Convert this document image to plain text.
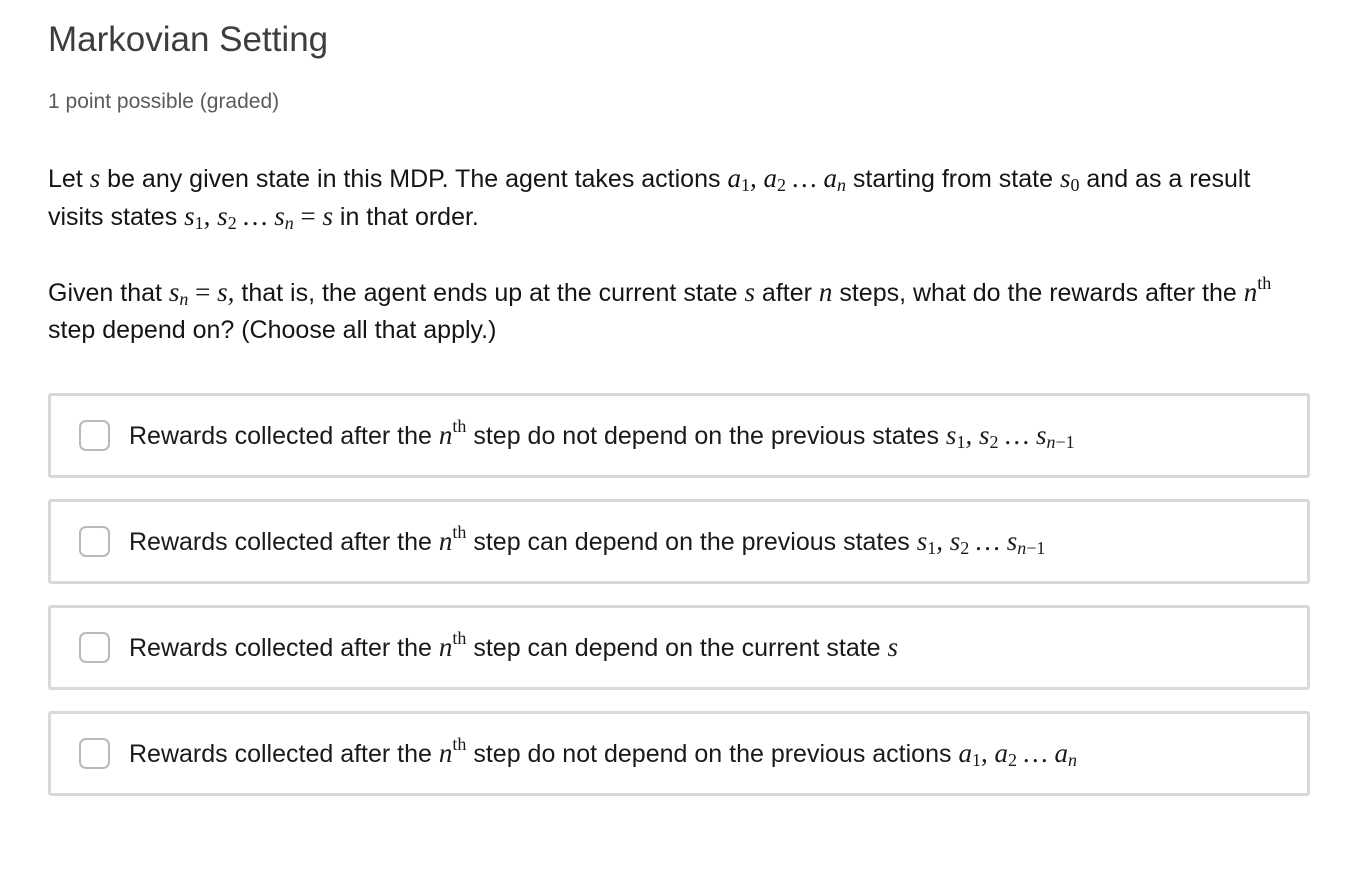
Markovian Setting
1 point possible (graded)
Let s be any given state in this MDP. The agent takes actions $a_1$, $a_2$ … $a_n$ starting from state $s_0$ and as a result visits states $s_1$, $s_2$ … $s_n = s$ in that order.
Given that $s_n = s$, that is, the agent ends up at the current state s after n steps, what do the rewards after the $n^{th}$ step depend on? (Choose all that apply.)
Rewards collected after the $n^{th}$ step do not depend on the previous states $s_1$, $s_2$ … $s_{n-1}$
Rewards collected after the $n^{th}$ step can depend on the previous states $s_1$, $s_2$ … $s_{n-1}$
Rewards collected after the $n^{th}$ step can depend on the current state s
Rewards collected after the $n^{th}$ step do not depend on the previous actions $a_1$, $a_2$ … $a_n$
